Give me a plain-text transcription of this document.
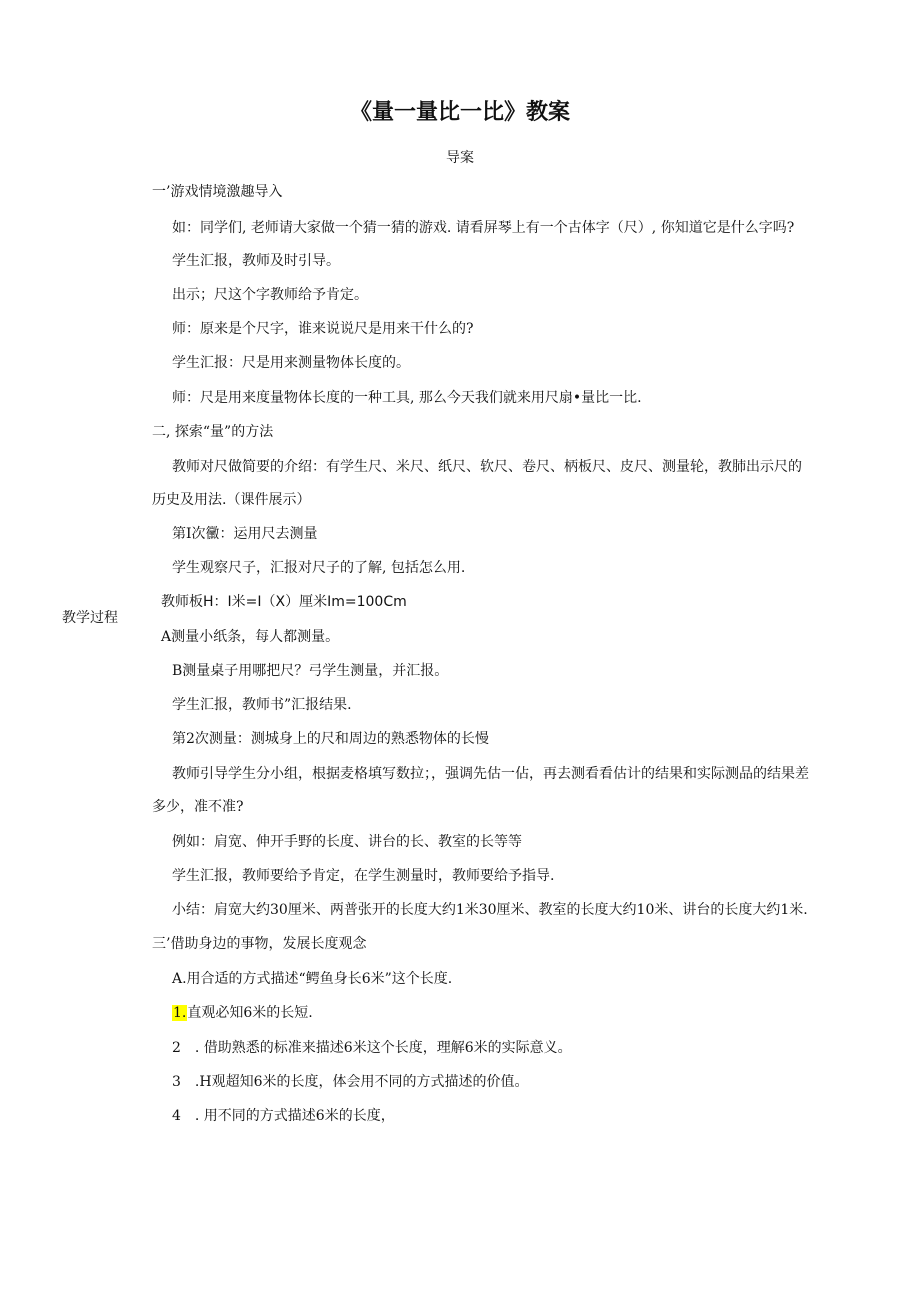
《量一量比一比》教案
导案
教学过程
一’游戏情境激趣导入
如：同学们, 老师请大家做一个猜一猜的游戏. 请看屏琴上有一个古体字（尺）, 你知道它是什么字吗?
学生汇报，教师及时引导。
出示；尺这个字教师给予肯定。
师：原来是个尺字，谁来说说尺是用来干什么的?
学生汇报：尺是用来测量物体长度的。
师：尺是用来度量物体长度的一种工具, 那么今天我们就来用尺扇•量比一比.
二, 探索“量”的方法
教师对尺做简要的介绍：有学生尺、米尺、纸尺、软尺、卷尺、柄板尺、皮尺、测量轮，教肺出示尺的
历史及用法.（课件展示）
第I次黴：运用尺去测量
学生观察尺子，汇报对尺子的了解, 包括怎么用.
教师板H：I米=I（X）厘米Im=100Cm
A测量小纸条，每人都测量。
B测量桌子用哪把尺？弓学生测量，并汇报。
学生汇报，教师书”汇报结果.
第2次测量：测城身上的尺和周边的熟悉物体的长慢
教师引导学生分小组，根据麦格填写数拉；，强调先估一佔，再去测看看估计的结果和实际测品的结果差
多少，准不准?
例如：肩宽、伸开手野的长度、讲台的长、教室的长等等
学生汇报，教师要给予肯定，在学生测量时，教师要给予指导.
小结：肩宽大约30厘米、两普张开的长度大约1米30厘米、教室的长度大约10米、讲台的长度大约1米.
三’借助身边的事物，发展长度观念
A.用合适的方式描述“鳄鱼身长6米”这个长度.
1.直观必知6米的长短.
2　. 借助熟悉的标准来描述6米这个长度，理解6米的实际意义。
3　.H观超知6米的长度，体会用不同的方式描述的价值。
4　. 用不同的方式描述6米的长度，
